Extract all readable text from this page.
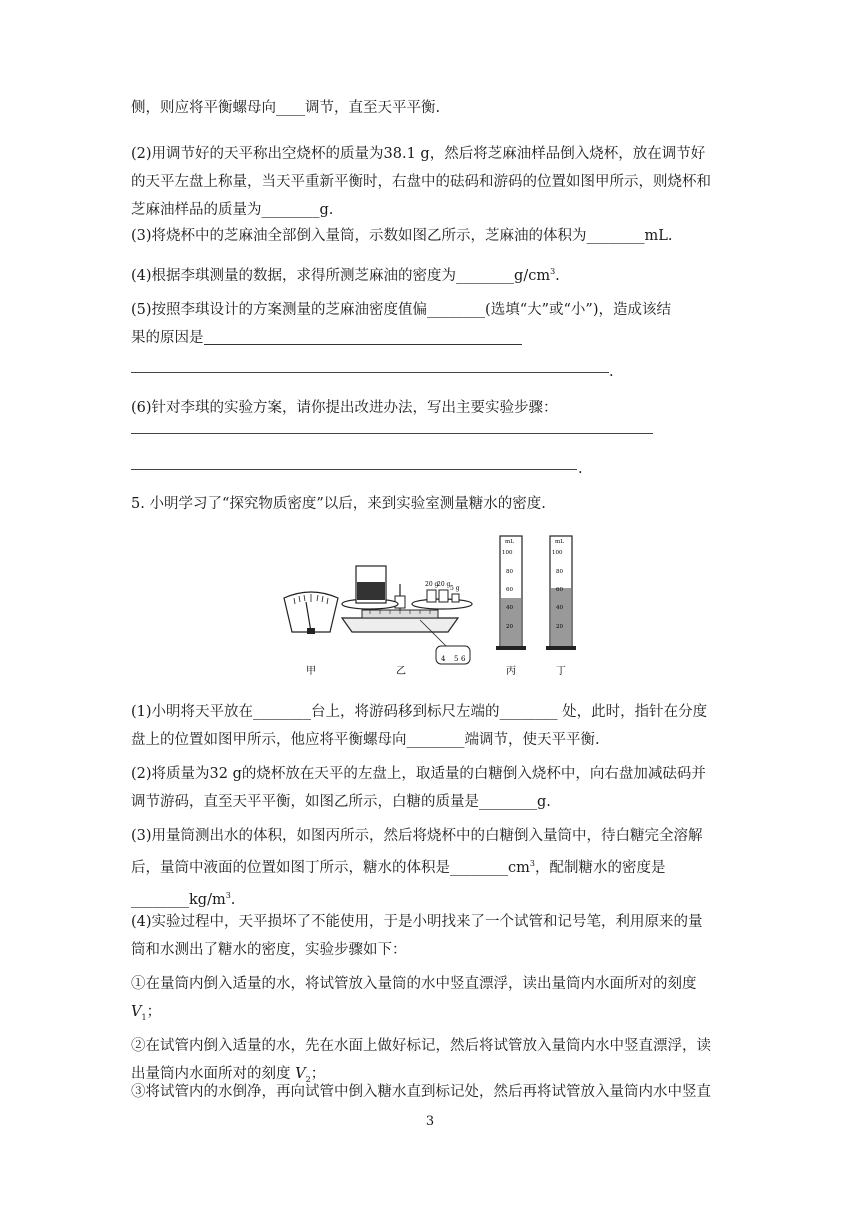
侧，则应将平衡螺母向____调节，直至天平平衡.

(2)用调节好的天平称出空烧杯的质量为38.1 g，然后将芝麻油样品倒入烧杯，放在调节好
的天平左盘上称量，当天平重新平衡时，右盘中的砝码和游码的位置如图甲所示，则烧杯和
芝麻油样品的质量为________g.

(3)将烧杯中的芝麻油全部倒入量筒，示数如图乙所示，芝麻油的体积为________mL.

(4)根据李琪测量的数据，求得所测芝麻油的密度为$\_\_\_\_\_\_\_\_g/cm^3$.

(5)按照李琪设计的方案测量的芝麻油密度值偏________(选填“大”或“小”)，造成该结
果的原因是

.

(6)针对李琪的实验方案，请你提出改进办法，写出主要实验步骤：

.

5. 小明学习了“探究物质密度”以后，来到实验室测量糖水的密度.

20 g
20 g
5 g
4 5 6
mL
100
80
60
40
20
mL
100
80
60
40
20
甲	乙	丙	丁

(1)小明将天平放在________台上，将游码移到标尺左端的________ 处，此时，指针在分度
盘上的位置如图甲所示，他应将平衡螺母向________端调节，使天平平衡.

(2)将质量为32 g的烧杯放在天平的左盘上，取适量的白糖倒入烧杯中，向右盘加减砝码并
调节游码，直至天平平衡，如图乙所示，白糖的质量是________g.

(3)用量筒测出水的体积，如图丙所示，然后将烧杯中的白糖倒入量筒中，待白糖完全溶解
后，量筒中液面的位置如图丁所示，糖水的体积是$\_\_\_\_\_\_\_\_cm^3$，配制糖水的密度是
$\_\_\_\_\_\_\_\_kg/m^3$.

(4)实验过程中，天平损坏了不能使用，于是小明找来了一个试管和记号笔，利用原来的量
筒和水测出了糖水的密度，实验步骤如下：

①在量筒内倒入适量的水，将试管放入量筒的水中竖直漂浮，读出量筒内水面所对的刻度
$V_1$；

②在试管内倒入适量的水，先在水面上做好标记，然后将试管放入量筒内水中竖直漂浮，读
出量筒内水面所对的刻度 $V_2$；

③将试管内的水倒净，再向试管中倒入糖水直到标记处，然后再将试管放入量筒内水中竖直

3
